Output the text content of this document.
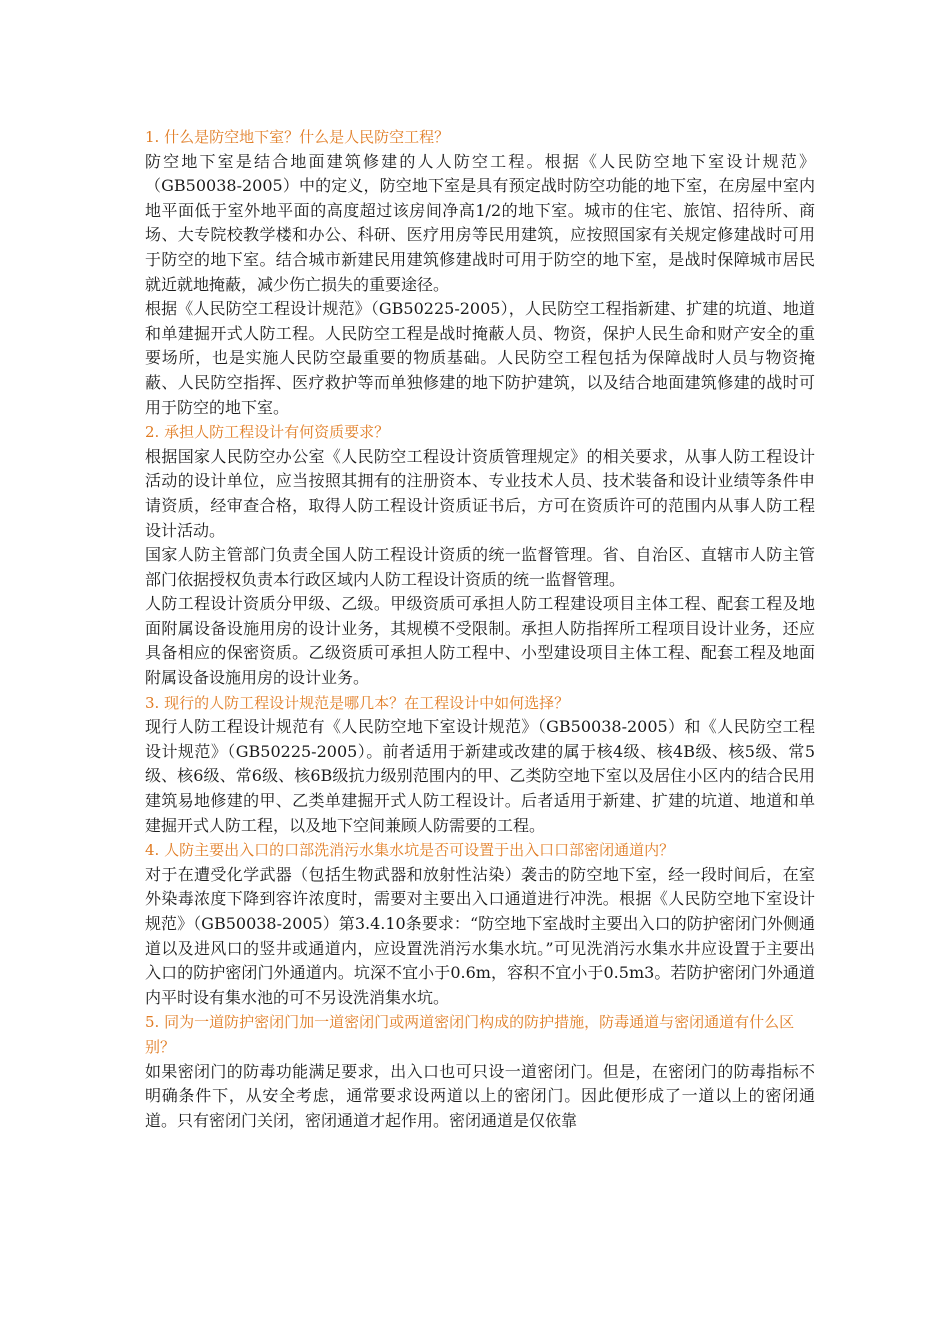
1. 什么是防空地下室？什么是人民防空工程？

防空地下室是结合地面建筑修建的人人防空工程。根据《人民防空地下室设计规范》（GB50038-2005）中的定义，防空地下室是具有预定战时防空功能的地下室，在房屋中室内地平面低于室外地平面的高度超过该房间净高1/2的地下室。城市的住宅、旅馆、招待所、商场、大专院校教学楼和办公、科研、医疗用房等民用建筑，应按照国家有关规定修建战时可用于防空的地下室。结合城市新建民用建筑修建战时可用于防空的地下室，是战时保障城市居民就近就地掩蔽，减少伤亡损失的重要途径。

根据《人民防空工程设计规范》（GB50225-2005），人民防空工程指新建、扩建的坑道、地道和单建掘开式人防工程。人民防空工程是战时掩蔽人员、物资，保护人民生命和财产安全的重要场所，也是实施人民防空最重要的物质基础。人民防空工程包括为保障战时人员与物资掩蔽、人民防空指挥、医疗救护等而单独修建的地下防护建筑，以及结合地面建筑修建的战时可用于防空的地下室。

2. 承担人防工程设计有何资质要求？

根据国家人民防空办公室《人民防空工程设计资质管理规定》的相关要求，从事人防工程设计活动的设计单位，应当按照其拥有的注册资本、专业技术人员、技术装备和设计业绩等条件申请资质，经审查合格，取得人防工程设计资质证书后，方可在资质许可的范围内从事人防工程设计活动。

国家人防主管部门负责全国人防工程设计资质的统一监督管理。省、自治区、直辖市人防主管部门依据授权负责本行政区域内人防工程设计资质的统一监督管理。

人防工程设计资质分甲级、乙级。甲级资质可承担人防工程建设项目主体工程、配套工程及地面附属设备设施用房的设计业务，其规模不受限制。承担人防指挥所工程项目设计业务，还应具备相应的保密资质。乙级资质可承担人防工程中、小型建设项目主体工程、配套工程及地面附属设备设施用房的设计业务。

3. 现行的人防工程设计规范是哪几本？在工程设计中如何选择？

现行人防工程设计规范有《人民防空地下室设计规范》（GB50038-2005）和《人民防空工程设计规范》（GB50225-2005）。前者适用于新建或改建的属于核4级、核4B级、核5级、常5级、核6级、常6级、核6B级抗力级别范围内的甲、乙类防空地下室以及居住小区内的结合民用建筑易地修建的甲、乙类单建掘开式人防工程设计。后者适用于新建、扩建的坑道、地道和单建掘开式人防工程，以及地下空间兼顾人防需要的工程。

4. 人防主要出入口的口部洗消污水集水坑是否可设置于出入口口部密闭通道内？

对于在遭受化学武器（包括生物武器和放射性沾染）袭击的防空地下室，经一段时间后，在室外染毒浓度下降到容许浓度时，需要对主要出入口通道进行冲洗。根据《人民防空地下室设计规范》（GB50038-2005）第3.4.10条要求：“防空地下室战时主要出入口的防护密闭门外侧通道以及进风口的竖井或通道内，应设置洗消污水集水坑。”可见洗消污水集水井应设置于主要出入口的防护密闭门外通道内。坑深不宜小于0.6m，容积不宜小于0.5m3。若防护密闭门外通道内平时设有集水池的可不另设洗消集水坑。

5. 同为一道防护密闭门加一道密闭门或两道密闭门构成的防护措施，防毒通道与密闭通道有什么区别？

如果密闭门的防毒功能满足要求，出入口也可只设一道密闭门。但是，在密闭门的防毒指标不明确条件下，从安全考虑，通常要求设两道以上的密闭门。因此便形成了一道以上的密闭通道。只有密闭门关闭，密闭通道才起作用。密闭通道是仅依靠
